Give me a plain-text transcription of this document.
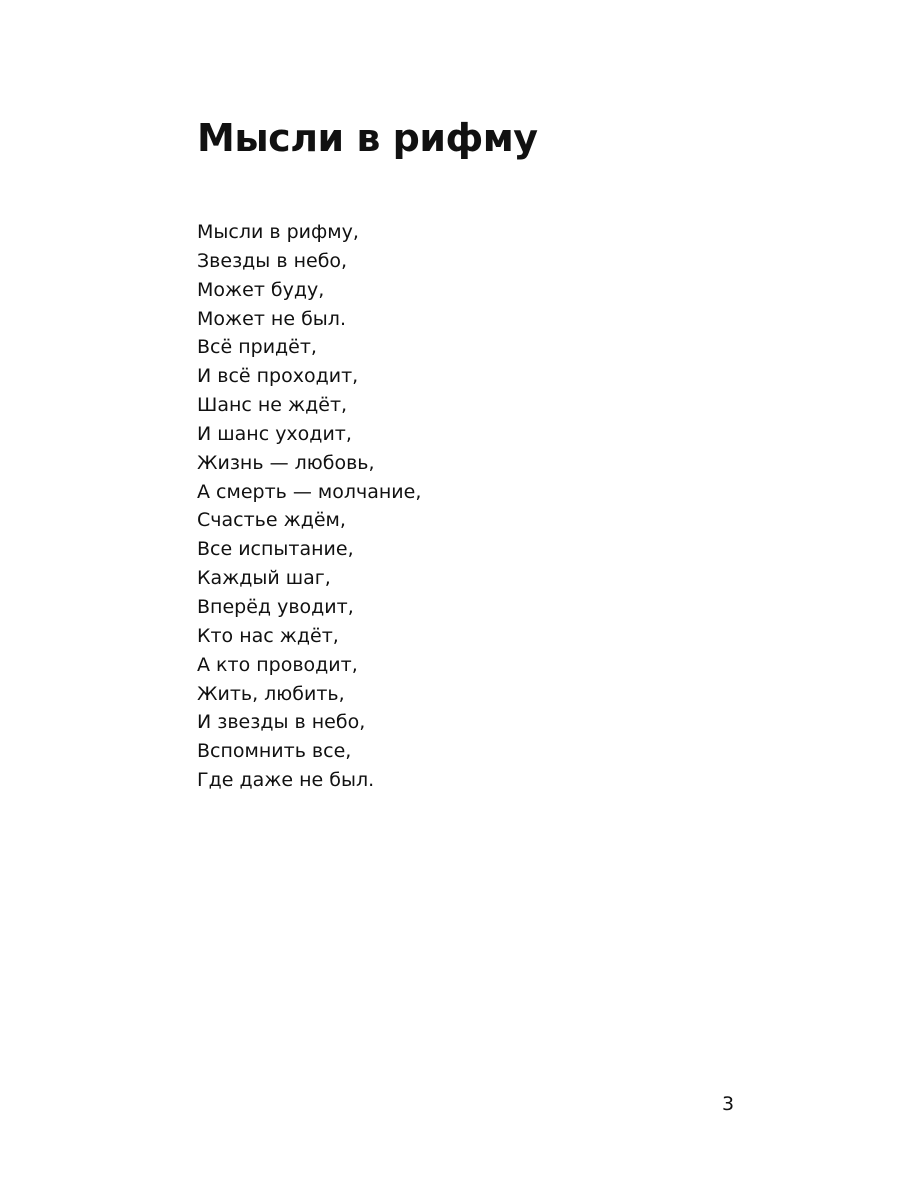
Мысли в рифму
Мысли в рифму,
Звезды в небо,
Может буду,
Может не был.
Всё придёт,
И всё проходит,
Шанс не ждёт,
И шанс уходит,
Жизнь — любовь,
А смерть — молчание,
Счастье ждём,
Все испытание,
Каждый шаг,
Вперёд уводит,
Кто нас ждёт,
А кто проводит,
Жить, любить,
И звезды в небо,
Вспомнить все,
Где даже не был.
3
